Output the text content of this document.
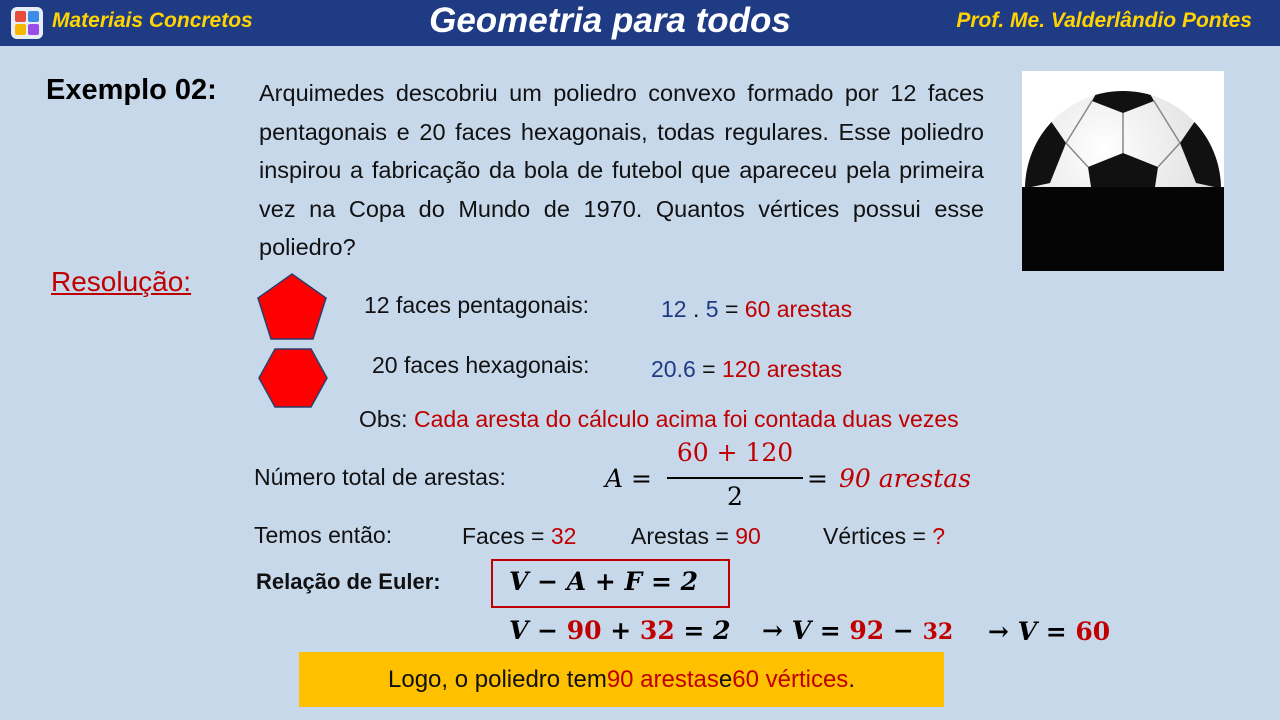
Materiais Concretos	Geometria para todos	Prof. Me. Valderlândio Pontes
Exemplo 02: Arquimedes descobriu um poliedro convexo formado por 12 faces pentagonais e 20 faces hexagonais, todas regulares. Esse poliedro inspirou a fabricação da bola de futebol que apareceu pela primeira vez na Copa do Mundo de 1970. Quantos vértices possui esse poliedro?
Resolução:
12 faces pentagonais:	12 . 5 = 60 arestas
20 faces hexagonais:	20.6 = 120 arestas
Obs: Cada aresta do cálculo acima foi contada duas vezes
Número total de arestas:	A =
60 + 120
2
= 90 arestas
Temos então:	Faces = 32 Arestas = 90	Vértices = ?
Relação de Euler:	V − A + F = 2
V − 90 + 32 = 2 → V = 92 − 32 → V = 60
Logo, o poliedro tem 90 arestas e 60 vértices .
